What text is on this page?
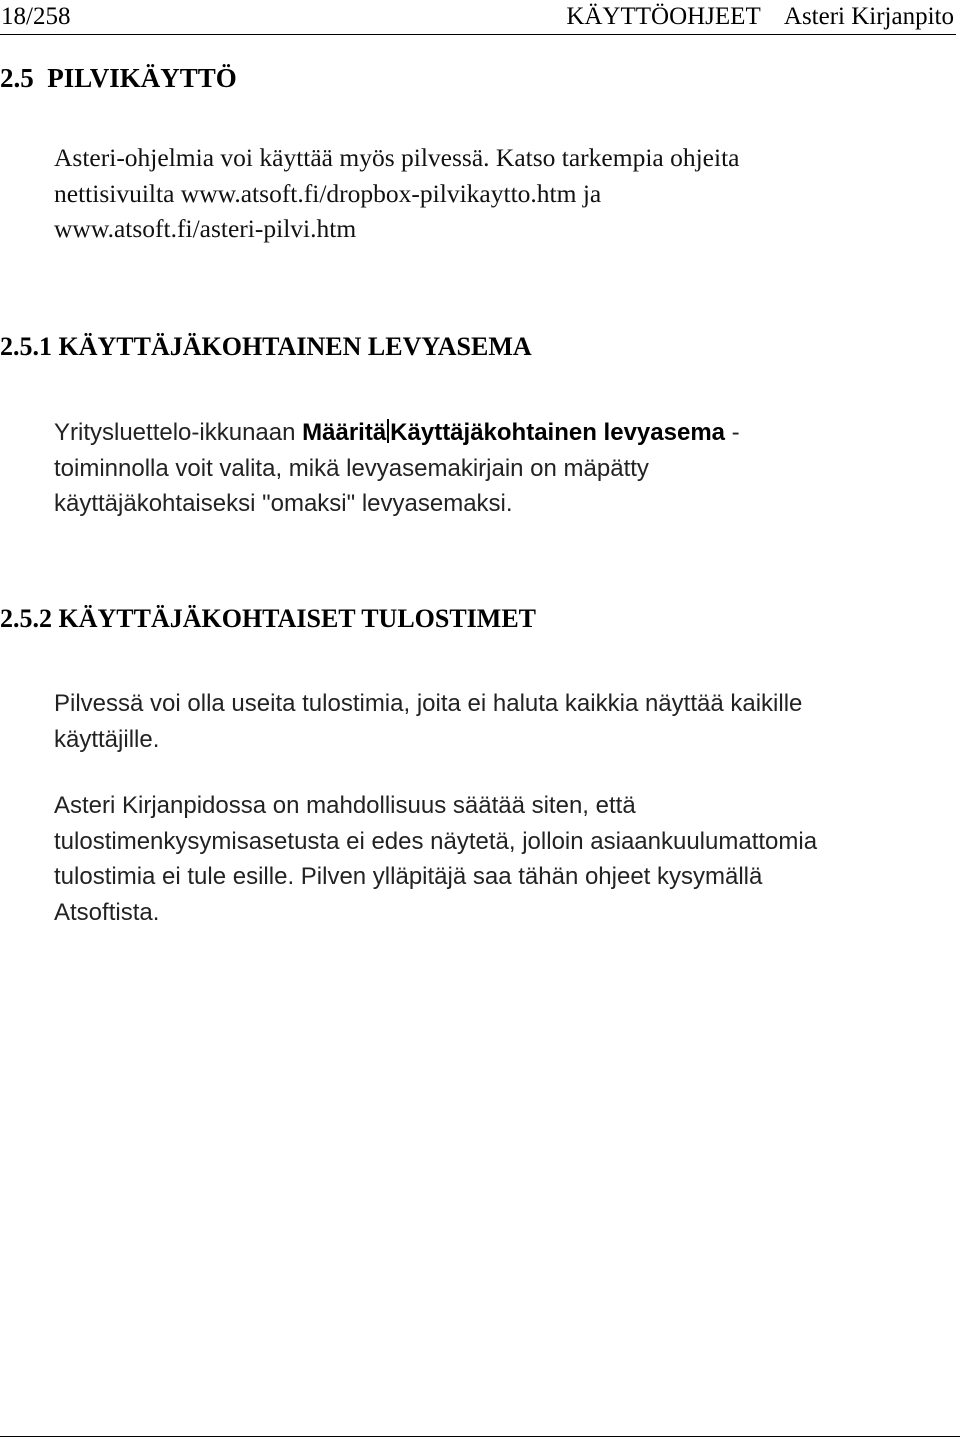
18/258	KÄYTTÖOHJEET    Asteri Kirjanpito
2.5  PILVIKÄYTTÖ
Asteri-ohjelmia voi käyttää myös pilvessä. Katso tarkempia ohjeita
nettisivuilta www.atsoft.fi/dropbox-pilvikaytto.htm ja
www.atsoft.fi/asteri-pilvi.htm
2.5.1 KÄYTTÄJÄKOHTAINEN LEVYASEMA
Yritysluettelo-ikkunaan Määritä Käyttäjäkohtainen levyasema -
toiminnolla voit valita, mikä levyasemakirjain on mäpätty
käyttäjäkohtaiseksi "omaksi" levyasemaksi.
2.5.2 KÄYTTÄJÄKOHTAISET TULOSTIMET
Pilvessä voi olla useita tulostimia, joita ei haluta kaikkia näyttää kaikille
käyttäjille.
Asteri Kirjanpidossa on mahdollisuus säätää siten, että
tulostimenkysymisasetusta ei edes näytetä, jolloin asiaankuulumattomia
tulostimia ei tule esille. Pilven ylläpitäjä saa tähän ohjeet kysymällä
Atsoftista.
